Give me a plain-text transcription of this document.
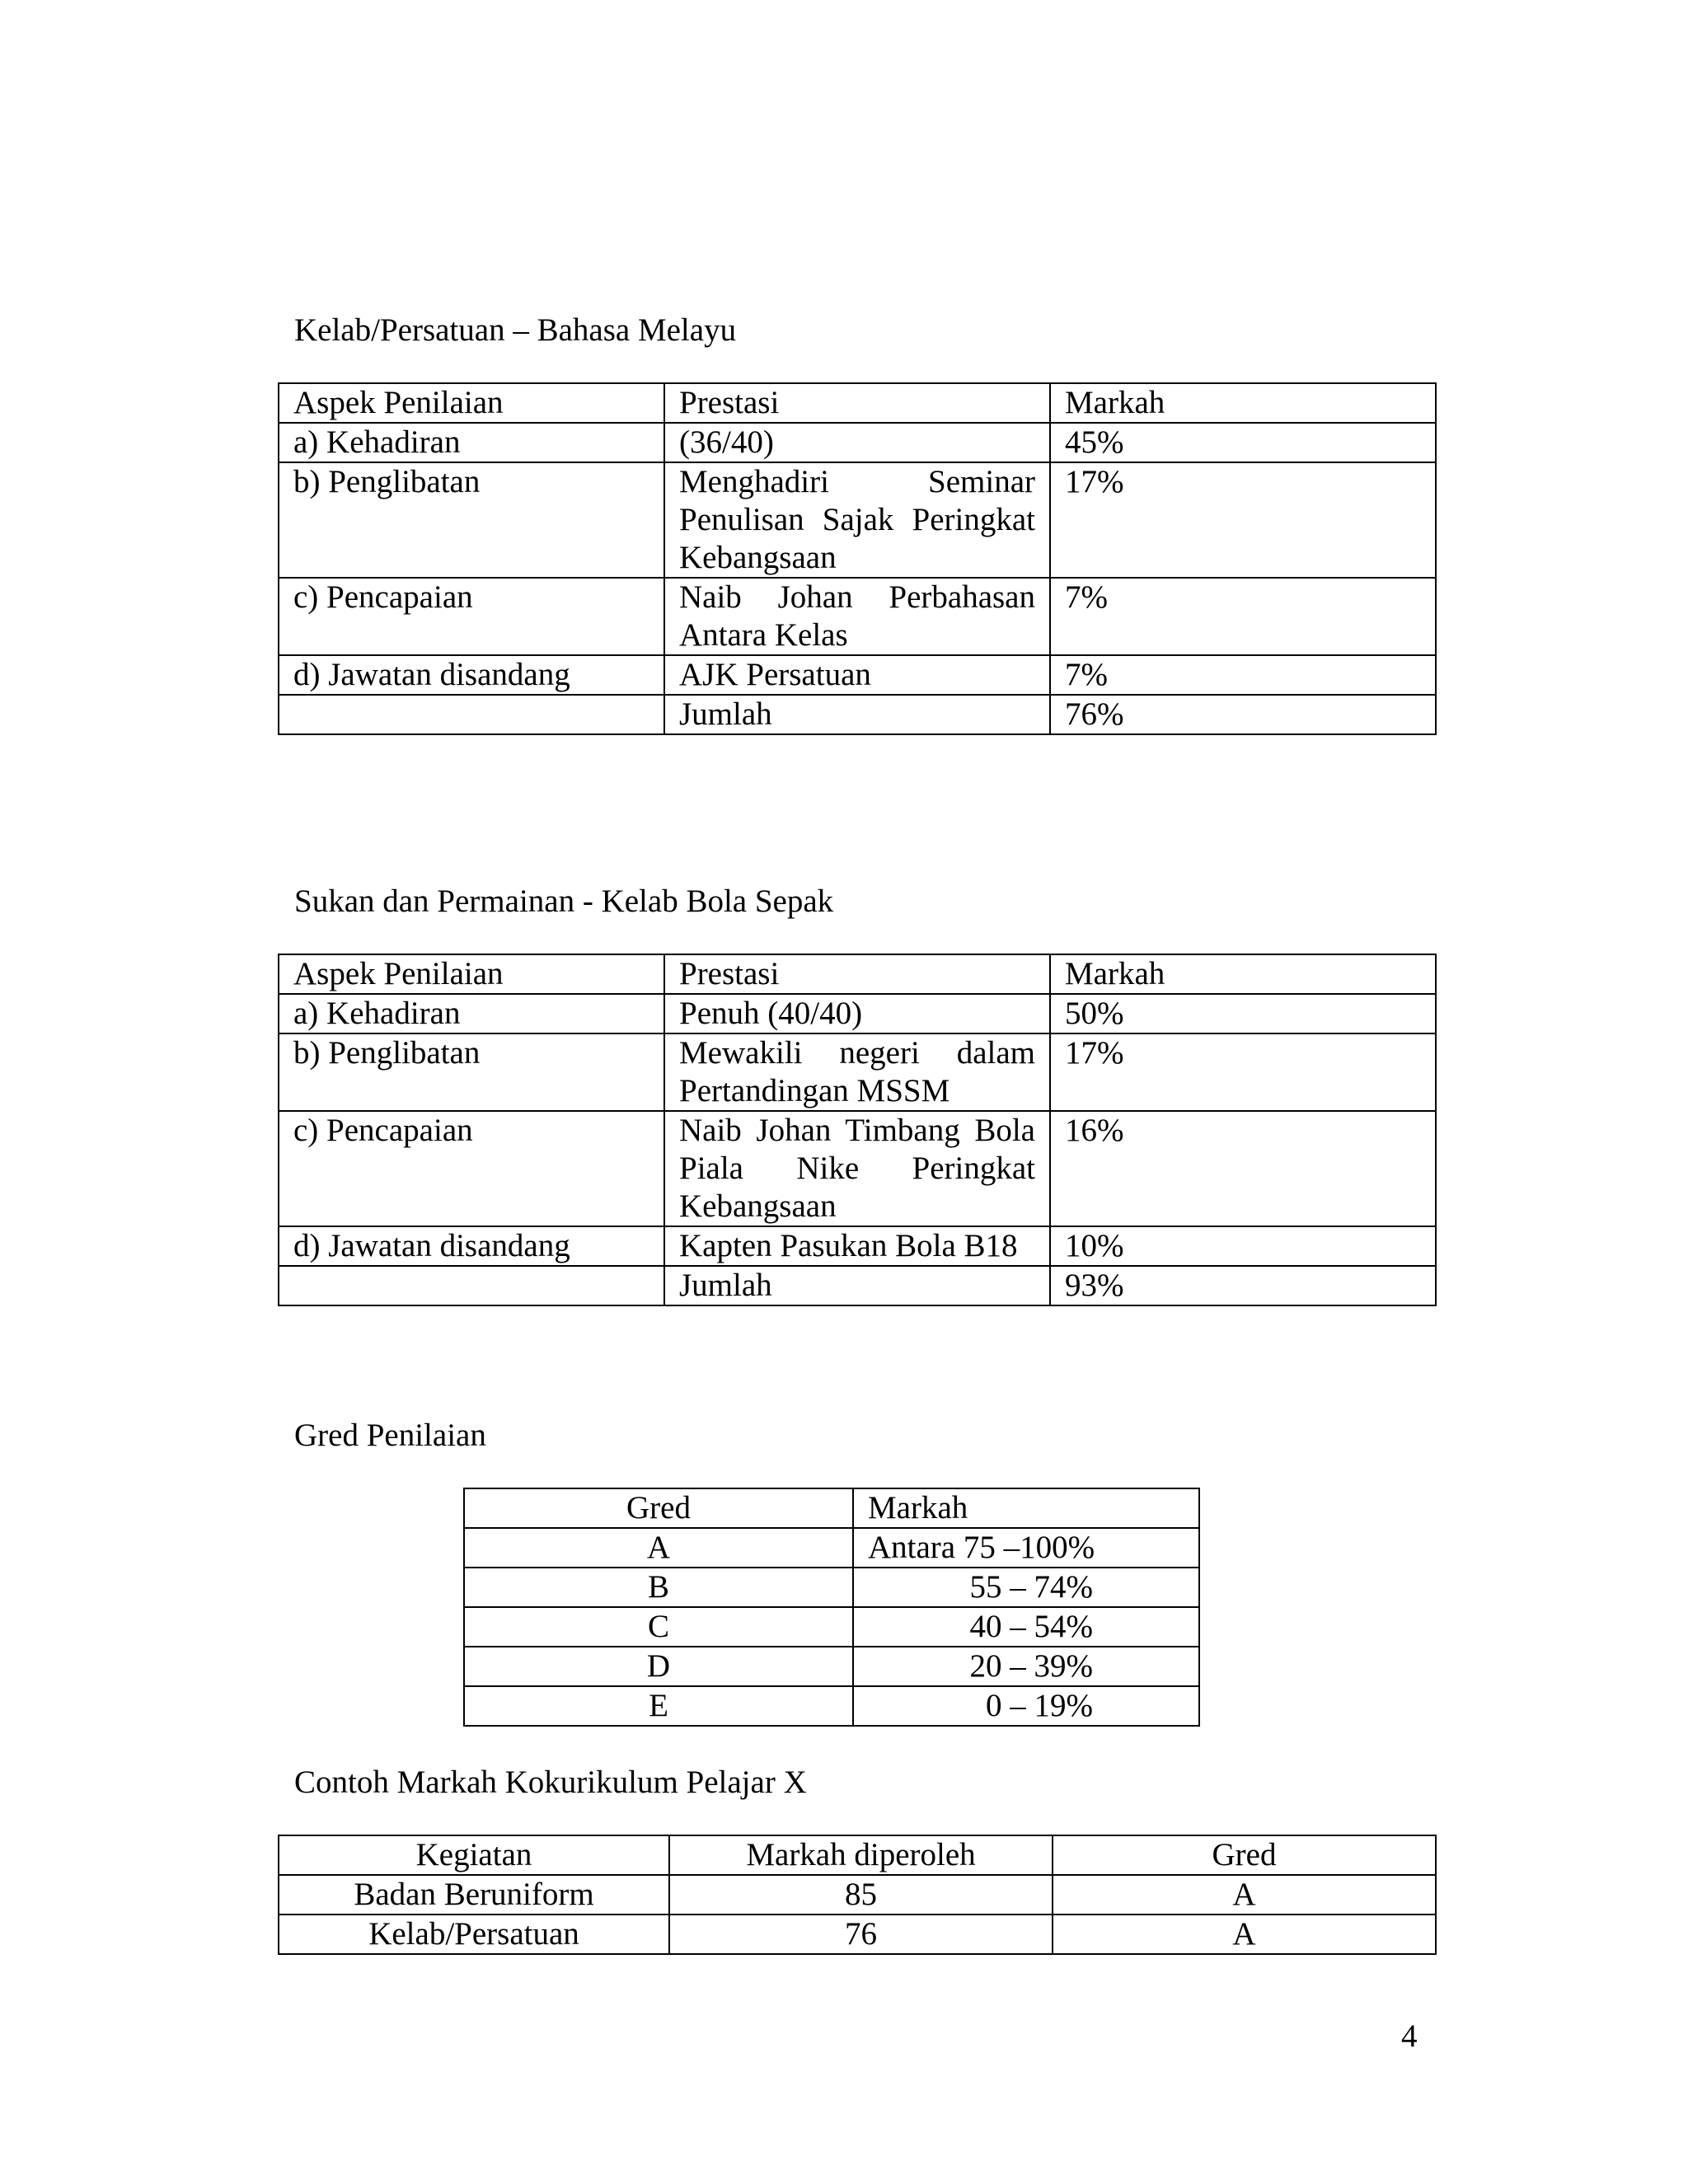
Kelab/Persatuan – Bahasa Melayu
Aspek Penilaian	Prestasi	Markah
a) Kehadiran	(36/40)	45%
b) Penglibatan	Menghadiri Seminar
Penulisan Sajak Peringkat
Kebangsaan	17%
c) Pencapaian	Naib Johan Perbahasan
Antara Kelas	7%
d) Jawatan disandang	AJK Persatuan	7%

	Jumlah	76%
Sukan dan Permainan - Kelab Bola Sepak
Aspek Penilaian	Prestasi	Markah
a) Kehadiran	Penuh (40/40)	50%
b) Penglibatan	Mewakili negeri dalam
Pertandingan MSSM	17%
c) Pencapaian	Naib Johan Timbang Bola
Piala Nike Peringkat
Kebangsaan	16%
d) Jawatan disandang	Kapten Pasukan Bola B18	10%

	Jumlah	93%
Gred Penilaian
Gred	Markah
A	Antara 75 –100%
B	55 – 74%
C	40 – 54%
D	20 – 39%
E	0 – 19%
Contoh Markah Kokurikulum Pelajar X
Kegiatan	Markah diperoleh	Gred
Badan Beruniform	85	A
Kelab/Persatuan	76	A
4
